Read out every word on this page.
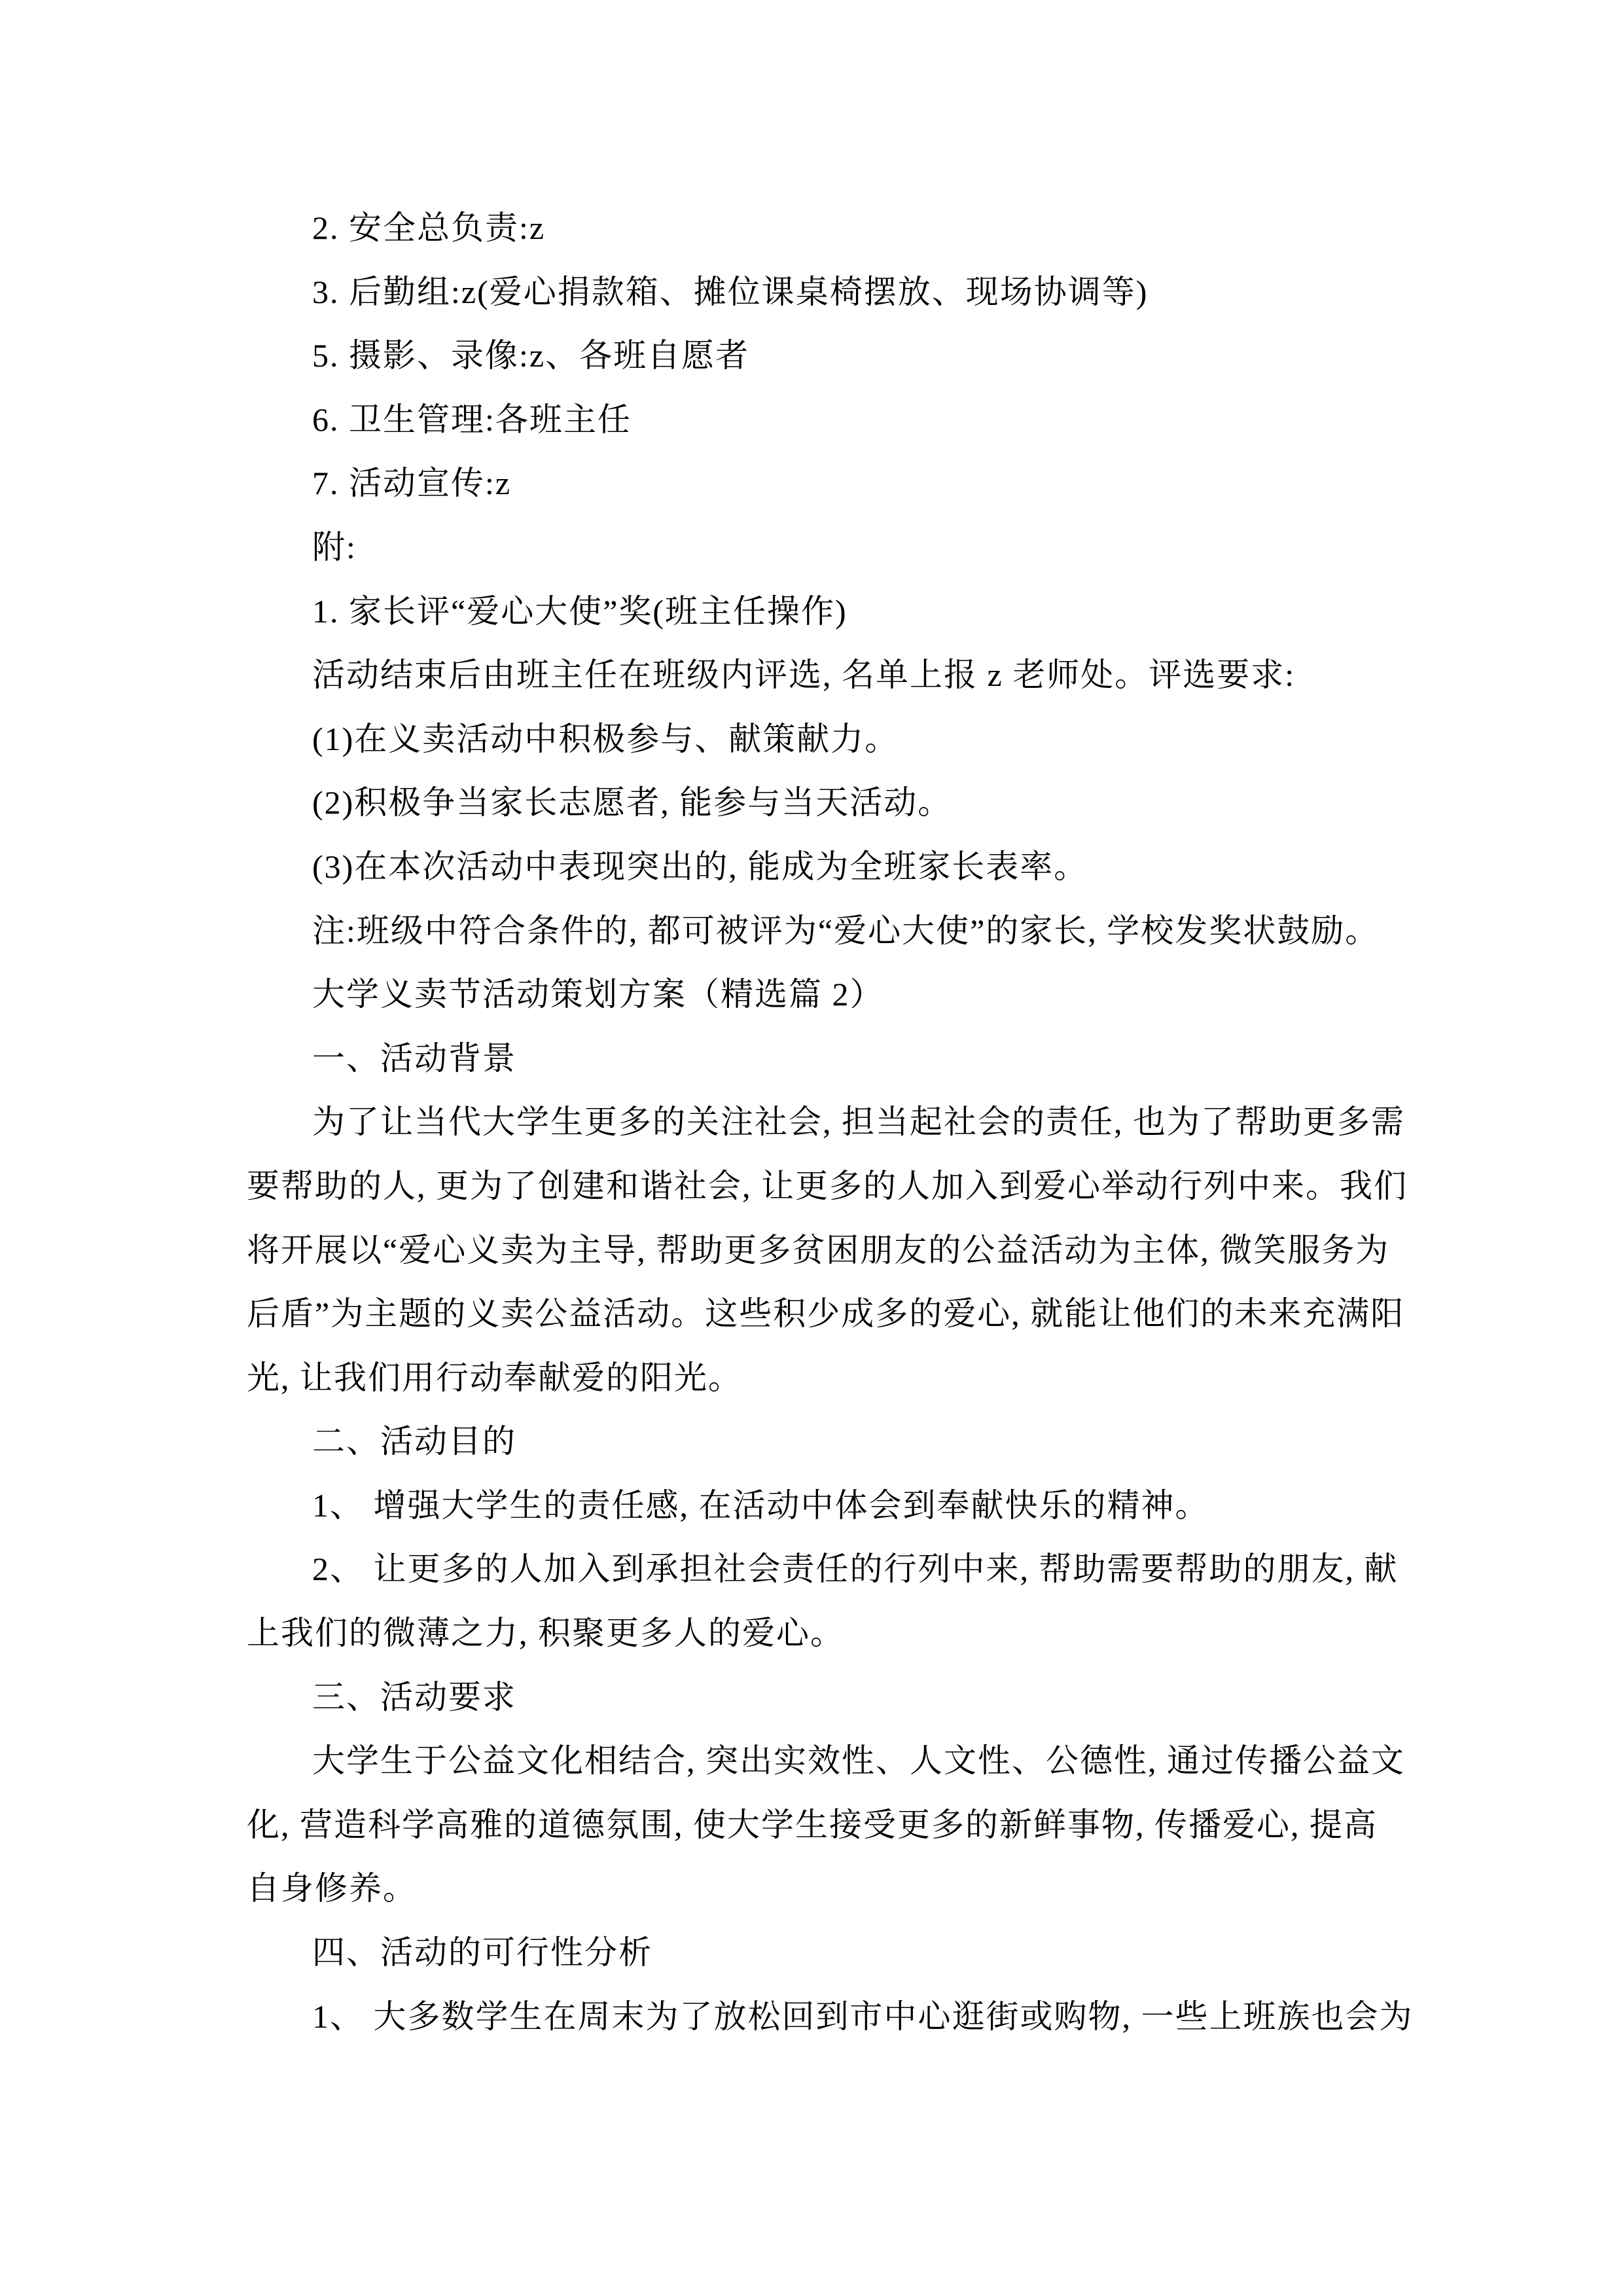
2. 安全总负责:z
3. 后勤组:z(爱心捐款箱、摊位课桌椅摆放、现场协调等)
5. 摄影、录像:z、各班自愿者
6. 卫生管理:各班主任
7. 活动宣传:z
附:
1. 家长评“爱心大使”奖(班主任操作)
活动结束后由班主任在班级内评选, 名单上报 z 老师处。评选要求:
(1)在义卖活动中积极参与、献策献力。
(2)积极争当家长志愿者, 能参与当天活动。
(3)在本次活动中表现突出的, 能成为全班家长表率。
注:班级中符合条件的, 都可被评为“爱心大使”的家长, 学校发奖状鼓励。
大学义卖节活动策划方案（精选篇 2）
一、活动背景
为了让当代大学生更多的关注社会, 担当起社会的责任, 也为了帮助更多需
要帮助的人, 更为了创建和谐社会, 让更多的人加入到爱心举动行列中来。我们
将开展以“爱心义卖为主导, 帮助更多贫困朋友的公益活动为主体, 微笑服务为
后盾”为主题的义卖公益活动。这些积少成多的爱心, 就能让他们的未来充满阳
光, 让我们用行动奉献爱的阳光。
二、活动目的
1、 增强大学生的责任感, 在活动中体会到奉献快乐的精神。
2、 让更多的人加入到承担社会责任的行列中来, 帮助需要帮助的朋友, 献
上我们的微薄之力, 积聚更多人的爱心。
三、活动要求
大学生于公益文化相结合, 突出实效性、人文性、公德性, 通过传播公益文
化, 营造科学高雅的道德氛围, 使大学生接受更多的新鲜事物, 传播爱心, 提高
自身修养。
四、活动的可行性分析
1、 大多数学生在周末为了放松回到市中心逛街或购物, 一些上班族也会为
